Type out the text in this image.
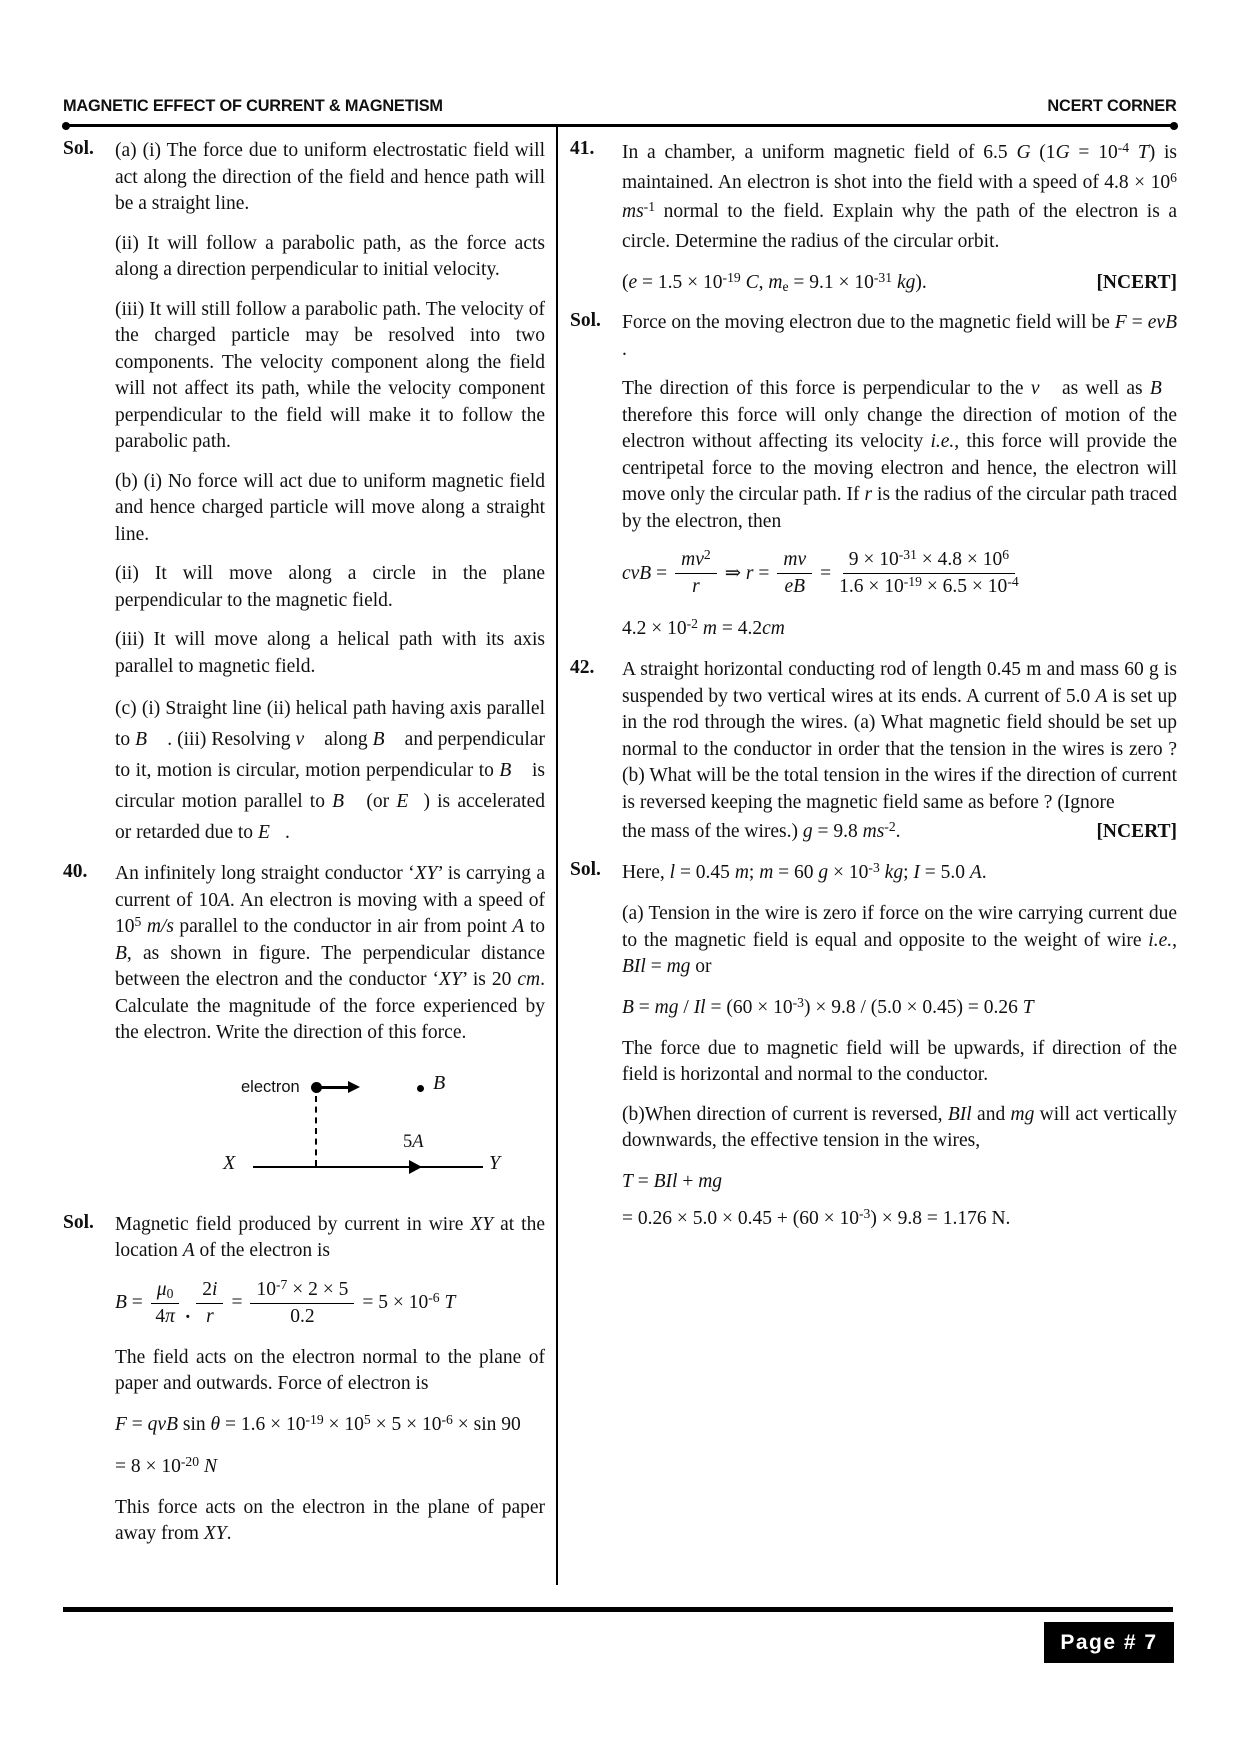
MAGNETIC EFFECT OF CURRENT & MAGNETISM	NCERT CORNER
Sol.	(a) (i) The force due to uniform electrostatic field will act along the direction of the field and hence path will be a straight line.

(ii) It will follow a parabolic path, as the force acts along a direction perpendicular to initial velocity.

(iii) It will still follow a parabolic path. The velocity of the charged particle may be resolved into two components. The velocity component along the field will not affect its path, while the velocity component perpendicular to the field will make it to follow the parabolic path.

(b) (i) No force will act due to uniform magnetic field and hence charged particle will move along a straight line.

(ii) It will move along a circle in the plane perpendicular to the magnetic field.

(iii) It will move along a helical path with its axis parallel to magnetic field.

(c) (i) Straight line (ii) helical path having axis parallel to B⃗ . (iii) Resolving v⃗ along B⃗ and perpendicular to it, motion is circular, motion perpendicular to B⃗ is circular motion parallel to B⃗ (or E⃗) is accelerated or retarded due to E⃗.

40.	An infinitely long straight conductor ‘XY’ is carrying a current of 10A. An electron is moving with a speed of $10^5$ m/s parallel to the conductor in air from point A to B, as shown in figure. The perpendicular distance between the electron and the conductor ‘XY’ is 20 cm. Calculate the magnitude of the force experienced by the electron. Write the direction of this force.

electron	B
5A
X	Y
Sol.	Magnetic field produced by current in wire XY at the location A of the electron is

$B = \frac{\mu_0}{4\pi}$ . $\frac{2i}{r} = \frac{10^{-7} \times 2 \times 5}{0.2} = 5 \times 10^{-6}$ T

The field acts on the electron normal to the plane of paper and outwards. Force of electron is

F = qvB $\sin \theta = 1.6 \times 10^{-19} \times 10^5 \times 5 \times 10^{-6} \times \sin 90$

= $8 \times 10^{-20}$ N

This force acts on the electron in the plane of paper away from XY.

41.	In a chamber, a uniform magnetic field of 6.5 G ($1G = 10^{-4}$ T) is maintained. An electron is shot into the field with a speed of $4.8 \times 10^6$ $ms^{-1}$ normal to the field. Explain why the path of the electron is a circle. Determine the radius of the circular orbit.

($e = 1.5 \times 10^{-19}$ C, $m_e = 9.1 \times 10^{-31}$ kg).	[NCERT]
Sol.	Force on the moving electron due to the magnetic field will be F = evB .

The direction of this force is perpendicular to the v⃗ as well as B⃗ therefore this force will only change the direction of motion of the electron without affecting its velocity i.e., this force will provide the centripetal force to the moving electron and hence, the electron will move only the circular path. If r is the radius of the circular path traced by the electron, then

cvB = $\frac{mv^2}{r}$ ⇒ $r = \frac{mv}{eB} = \frac{9 \times 10^{-31} \times 4.8 \times 10^6}{1.6 \times 10^{-19} \times 6.5 \times 10^{-4}}$

$4.2 \times 10^{-2}$ m = 4.2cm

42.	A straight horizontal conducting rod of length 0.45 m and mass 60 g is suspended by two vertical wires at its ends. A current of 5.0 A is set up in the rod through the wires. (a) What magnetic field should be set up normal to the conductor in order that the tension in the wires is zero ? (b) What will be the total tension in the wires if the direction of current is reversed keeping the magnetic field same as before ? (Ignore

the mass of the wires.) g = 9.8 $ms^{-2}$.	[NCERT]
Sol.	Here, l = 0.45 m; m = 60 $g \times 10^{-3}$ kg; I = 5.0 A.

(a) Tension in the wire is zero if force on the wire carrying current due to the magnetic field is equal and opposite to the weight of wire i.e., BIl = mg or

B = mg / $Il = (60 \times 10^{-3}) \times 9.8 / (5.0 \times 0.45) = 0.26$ T

The force due to magnetic field will be upwards, if direction of the field is horizontal and normal to the conductor.

(b)When direction of current is reversed, BIl and mg will act vertically downwards, the effective tension in the wires,

T = BIl + mg

= $0.26 \times 5.0 \times 0.45 + (60 \times 10^{-3}) \times 9.8 = 1.176$ N.

Page # 7
